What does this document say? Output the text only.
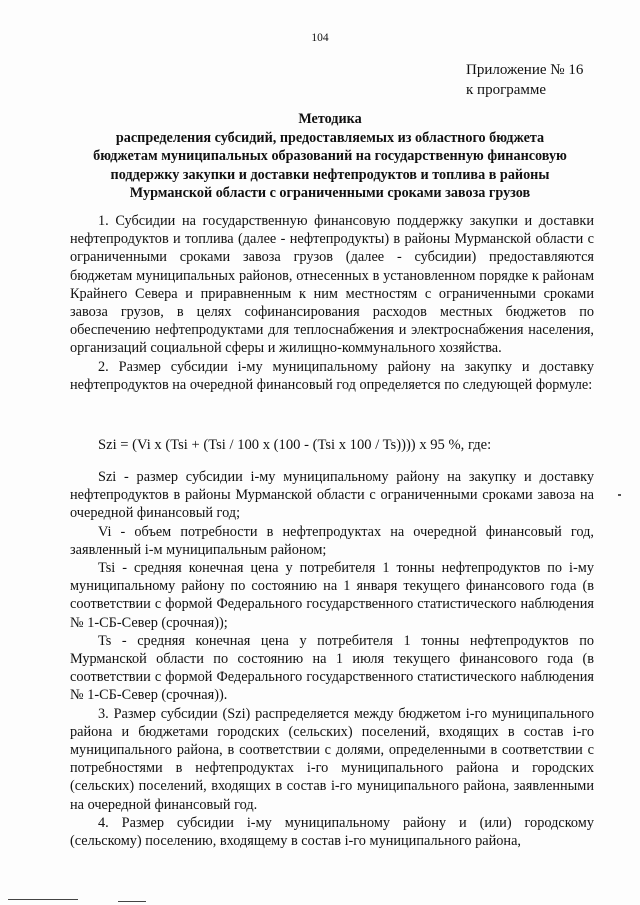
104
Приложение № 16
к программе
Методика
распределения субсидий, предоставляемых из областного бюджета
бюджетам муниципальных образований на государственную финансовую
поддержку закупки и доставки нефтепродуктов и топлива в районы
Мурманской области с ограниченными сроками завоза грузов

1. Субсидии на государственную финансовую поддержку закупки и доставки нефтепродуктов и топлива (далее - нефтепродукты) в районы Мурманской области с ограниченными сроками завоза грузов (далее - субсидии) предоставляются бюджетам муниципальных районов, отнесенных в установленном порядке к районам Крайнего Севера и приравненным к ним местностям с ограниченными сроками завоза грузов, в целях софинансирования расходов местных бюджетов по обеспечению нефтепродуктами для теплоснабжения и электроснабжения населения, организаций социальной сферы и жилищно-коммунального хозяйства.

2. Размер субсидии i-му муниципальному району на закупку и доставку нефтепродуктов на очередной финансовый год определяется по следующей формуле:

Szi = (Vi x (Tsi + (Tsi / 100 x (100 - (Tsi x 100 / Ts)))) x 95 %, где:

Szi - размер субсидии i-му муниципальному району на закупку и доставку нефтепродуктов в районы Мурманской области с ограниченными сроками завоза на очередной финансовый год;

Vi - объем потребности в нефтепродуктах на очередной финансовый год, заявленный i-м муниципальным районом;

Tsi - средняя конечная цена у потребителя 1 тонны нефтепродуктов по i-му муниципальному району по состоянию на 1 января текущего финансового года (в соответствии с формой Федерального государственного статистического наблюдения № 1-СБ-Север (срочная));

Ts - средняя конечная цена у потребителя 1 тонны нефтепродуктов по Мурманской области по состоянию на 1 июля текущего финансового года (в соответствии с формой Федерального государственного статистического наблюдения № 1-СБ-Север (срочная)).

3. Размер субсидии (Szi) распределяется между бюджетом i-го муниципального района и бюджетами городских (сельских) поселений, входящих в состав i-го муниципального района, в соответствии с долями, определенными в соответствии с потребностями в нефтепродуктах i-го муниципального района и городских (сельских) поселений, входящих в состав i-го муниципального района, заявленными на очередной финансовый год.

4. Размер субсидии i-му муниципальному району и (или) городскому (сельскому) поселению, входящему в состав i-го муниципального района,
